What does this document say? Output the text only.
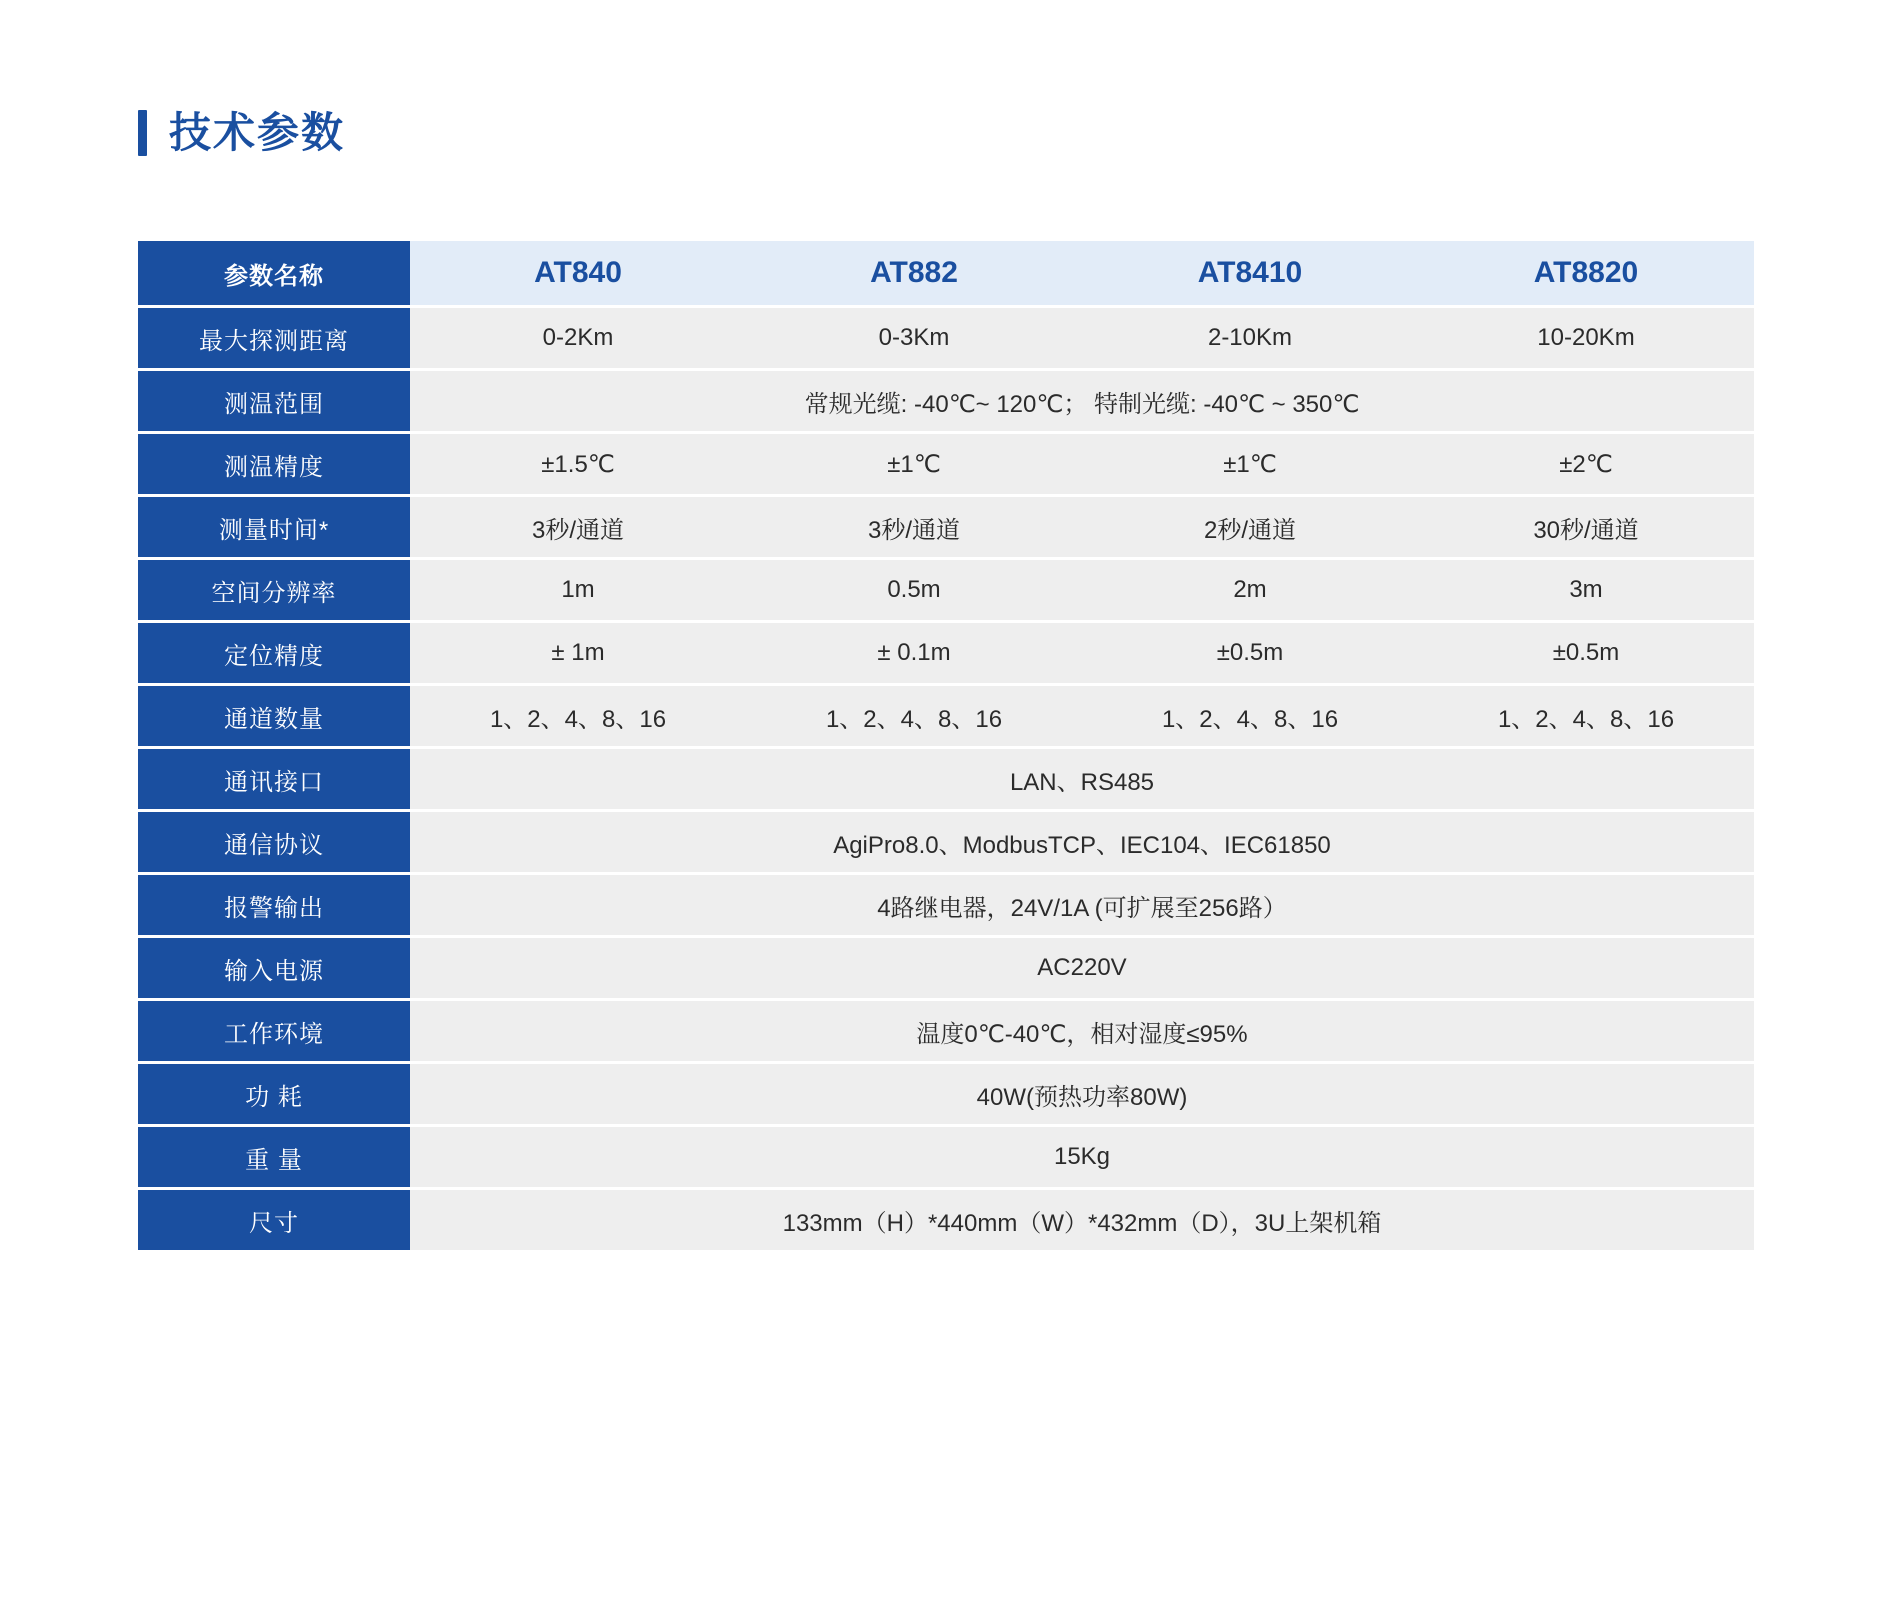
技术参数
参数名称	AT840	AT882	AT8410	AT8820
最大探测距离	0-2Km	0-3Km	2-10Km	10-20Km
测温范围	常规光缆: -40℃~ 120℃； 特制光缆: -40℃ ~ 350℃			
测温精度	±1.5℃	±1℃	±1℃	±2℃
测量时间*	3秒/通道	3秒/通道	2秒/通道	30秒/通道
空间分辨率	1m	0.5m	2m	3m
定位精度	± 1m	± 0.1m	±0.5m	±0.5m
通道数量	1、2、4、8、16	1、2、4、8、16	1、2、4、8、16	1、2、4、8、16
通讯接口	LAN、RS485			
通信协议	AgiPro8.0、ModbusTCP、IEC104、IEC61850			
报警输出	4路继电器，24V/1A (可扩展至256路）			
输入电源	AC220V			
工作环境	温度0℃-40℃，相对湿度≤95%			
功 耗	40W(预热功率80W)			
重 量	15Kg			
尺寸	133mm（H）*440mm（W）*432mm（D），3U上架机箱			
